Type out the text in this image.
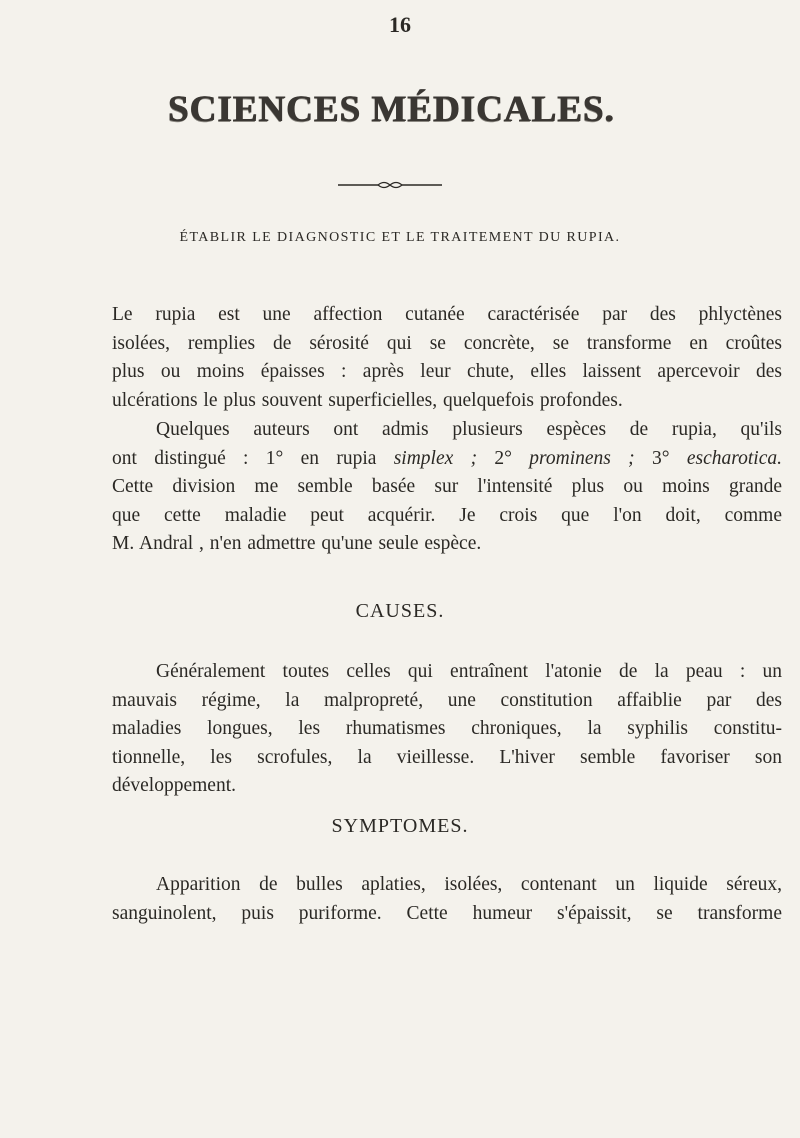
16
SCIENCES MÉDICALES.
ÉTABLIR LE DIAGNOSTIC ET LE TRAITEMENT DU RUPIA.
Le rupia est une affection cutanée caractérisée par des phlyctènes
isolées, remplies de sérosité qui se concrète, se transforme en croûtes
plus ou moins épaisses : après leur chute, elles laissent apercevoir des
ulcérations le plus souvent superficielles, quelquefois profondes.
Quelques auteurs ont admis plusieurs espèces de rupia, qu'ils
ont distingué : 1° en rupia simplex ; 2° prominens ; 3° escharotica.
Cette division me semble basée sur l'intensité plus ou moins grande
que cette maladie peut acquérir. Je crois que l'on doit, comme
M. Andral , n'en admettre qu'une seule espèce.
CAUSES.
Généralement toutes celles qui entraînent l'atonie de la peau : un
mauvais régime, la malpropreté, une constitution affaiblie par des
maladies longues, les rhumatismes chroniques, la syphilis constitu-
tionnelle, les scrofules, la vieillesse. L'hiver semble favoriser son
développement.
SYMPTOMES.
Apparition de bulles aplaties, isolées, contenant un liquide séreux,
sanguinolent, puis puriforme. Cette humeur s'épaissit, se transforme
